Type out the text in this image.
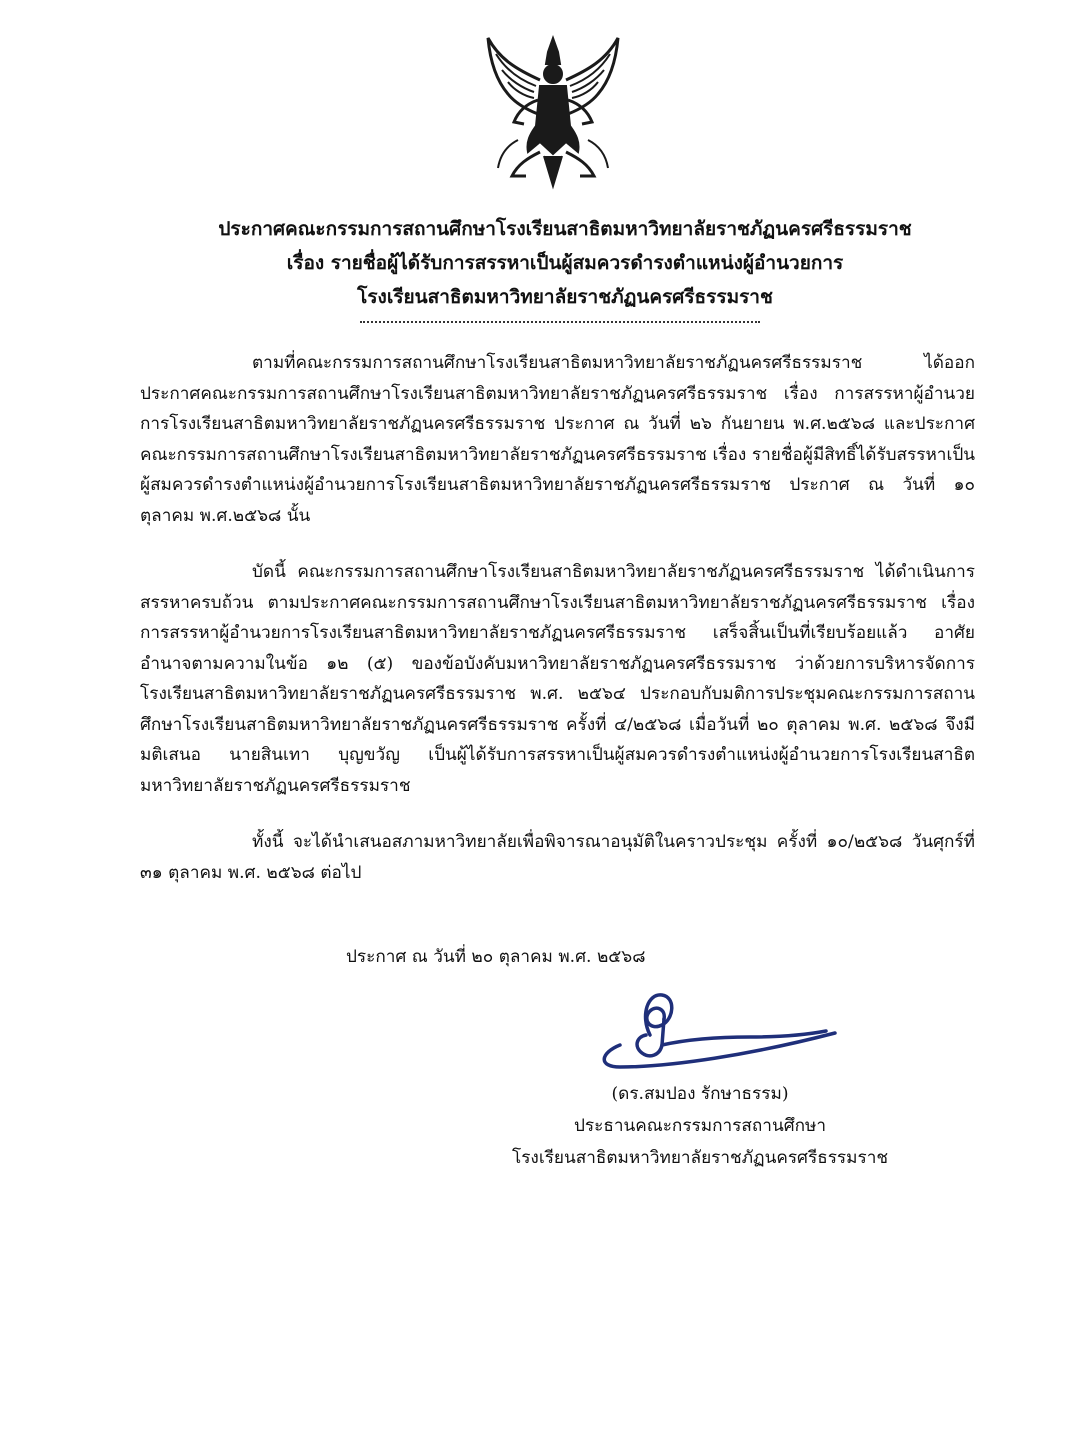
ประกาศคณะกรรมการสถานศึกษาโรงเรียนสาธิตมหาวิทยาลัยราชภัฏนครศรีธรรมราช
เรื่อง รายชื่อผู้ได้รับการสรรหาเป็นผู้สมควรดำรงตำแหน่งผู้อำนวยการ
โรงเรียนสาธิตมหาวิทยาลัยราชภัฏนครศรีธรรมราช

ตามที่คณะกรรมการสถานศึกษาโรงเรียนสาธิตมหาวิทยาลัยราชภัฏนครศรีธรรมราช ได้ออกประกาศคณะกรรมการสถานศึกษาโรงเรียนสาธิตมหาวิทยาลัยราชภัฏนครศรีธรรมราช เรื่อง การสรรหาผู้อำนวยการโรงเรียนสาธิตมหาวิทยาลัยราชภัฏนครศรีธรรมราช ประกาศ ณ วันที่ ๒๖ กันยายน พ.ศ.๒๕๖๘ และประกาศคณะกรรมการสถานศึกษาโรงเรียนสาธิตมหาวิทยาลัยราชภัฏนครศรีธรรมราช เรื่อง รายชื่อผู้มีสิทธิ์ได้รับสรรหาเป็นผู้สมควรดำรงตำแหน่งผู้อำนวยการโรงเรียนสาธิตมหาวิทยาลัยราชภัฏนครศรีธรรมราช ประกาศ ณ วันที่ ๑๐ ตุลาคม พ.ศ.๒๕๖๘ นั้น

บัดนี้ คณะกรรมการสถานศึกษาโรงเรียนสาธิตมหาวิทยาลัยราชภัฏนครศรีธรรมราช ได้ดำเนินการสรรหาครบถ้วน ตามประกาศคณะกรรมการสถานศึกษาโรงเรียนสาธิตมหาวิทยาลัยราชภัฏนครศรีธรรมราช เรื่อง การสรรหาผู้อำนวยการโรงเรียนสาธิตมหาวิทยาลัยราชภัฏนครศรีธรรมราช เสร็จสิ้นเป็นที่เรียบร้อยแล้ว อาศัยอำนาจตามความในข้อ ๑๒ (๕) ของข้อบังคับมหาวิทยาลัยราชภัฏนครศรีธรรมราช ว่าด้วยการบริหารจัดการโรงเรียนสาธิตมหาวิทยาลัยราชภัฏนครศรีธรรมราช พ.ศ. ๒๕๖๔ ประกอบกับมติการประชุมคณะกรรมการสถานศึกษาโรงเรียนสาธิตมหาวิทยาลัยราชภัฏนครศรีธรรมราช ครั้งที่ ๔/๒๕๖๘ เมื่อวันที่ ๒๐ ตุลาคม พ.ศ. ๒๕๖๘ จึงมีมติเสนอ นายสินเทา บุญขวัญ เป็นผู้ได้รับการสรรหาเป็นผู้สมควรดำรงตำแหน่งผู้อำนวยการโรงเรียนสาธิตมหาวิทยาลัยราชภัฏนครศรีธรรมราช

ทั้งนี้ จะได้นำเสนอสภามหาวิทยาลัยเพื่อพิจารณาอนุมัติในคราวประชุม ครั้งที่ ๑๐/๒๕๖๘ วันศุกร์ที่ ๓๑ ตุลาคม พ.ศ. ๒๕๖๘ ต่อไป

ประกาศ ณ วันที่ ๒๐ ตุลาคม พ.ศ. ๒๕๖๘
(ดร.สมปอง รักษาธรรม)
ประธานคณะกรรมการสถานศึกษา
โรงเรียนสาธิตมหาวิทยาลัยราชภัฏนครศรีธรรมราช
